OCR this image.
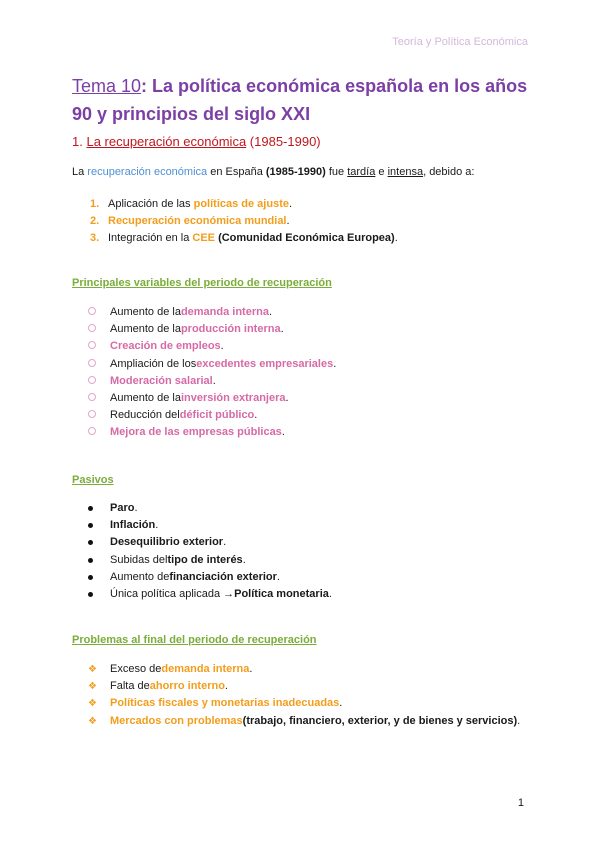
Teoría y Política Económica
Tema 10: La política económica española en los años 90 y principios del siglo XXI
1. La recuperación económica (1985-1990)
La recuperación económica en España (1985-1990) fue tardía e intensa, debido a:
1. Aplicación de las políticas de ajuste.
2. Recuperación económica mundial.
3. Integración en la CEE (Comunidad Económica Europea).
Principales variables del periodo de recuperación
Aumento de la demanda interna .
Aumento de la producción interna .
Creación de empleos .
Ampliación de los excedentes empresariales .
Moderación salarial .
Aumento de la inversión extranjera .
Reducción del déficit público .
Mejora de las empresas públicas .
Pasivos
Paro .
Inflación .
Desequilibrio exterior .
Subidas del tipo de interés .
Aumento de financiación exterior .
Única política aplicada → Política monetaria .
Problemas al final del periodo de recuperación
❖	Exceso de demanda interna .
❖	Falta de ahorro interno .
❖	Políticas fiscales y monetarias inadecuadas .
❖	Mercados con problemas (trabajo, financiero, exterior, y de bienes y servicios) .
1
